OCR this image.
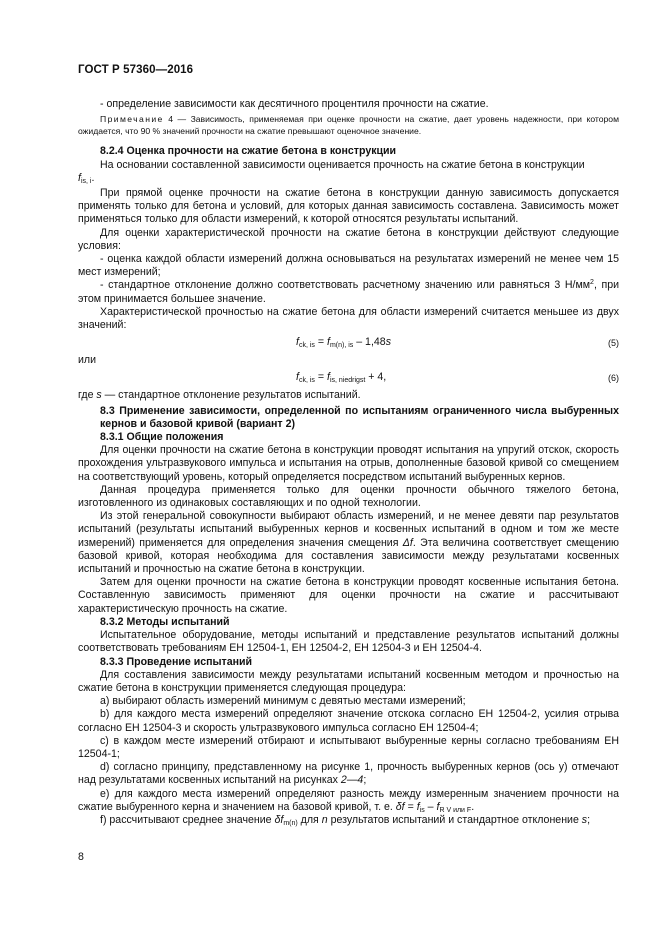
ГОСТ Р 57360—2016

- определение зависимости как десятичного процентиля прочности на сжатие.

Примечание 4 — Зависимость, применяемая при оценке прочности на сжатие, дает уровень надежности, при котором ожидается, что 90 % значений прочности на сжатие превышают оценочное значение.

8.2.4 Оценка прочности на сжатие бетона в конструкции

На основании составленной зависимости оценивается прочность на сжатие бетона в конструкции

$f_{is, i}$.

При прямой оценке прочности на сжатие бетона в конструкции данную зависимость допускается применять только для бетона и условий, для которых данная зависимость составлена. Зависимость может применяться только для области измерений, к которой относятся результаты испытаний.

Для оценки характеристической прочности на сжатие бетона в конструкции действуют следующие условия:

- оценка каждой области измерений должна основываться на результатах измерений не менее чем 15 мест измерений;

- стандартное отклонение должно соответствовать расчетному значению или равняться 3 $Н/мм^2$, при этом принимается большее значение.

Характеристической прочностью на сжатие бетона для области измерений считается меньшее из двух значений:

$f_{ck, is} = f_{m(n), is} - 1,48s$	(5)

или

$f_{ck, is} = f_{is, niedrigst} + 4$,	(6)

где s — стандартное отклонение результатов испытаний.

8.3 Применение зависимости, определенной по испытаниям ограниченного числа выбуренных кернов и базовой кривой (вариант 2)

8.3.1 Общие положения

Для оценки прочности на сжатие бетона в конструкции проводят испытания на упругий отскок, скорость прохождения ультразвукового импульса и испытания на отрыв, дополненные базовой кривой со смещением на соответствующий уровень, который определяется посредством испытаний выбуренных кернов.

Данная процедура применяется только для оценки прочности обычного тяжелого бетона, изготовленного из одинаковых составляющих и по одной технологии.

Из этой генеральной совокупности выбирают область измерений, и не менее девяти пар результатов испытаний (результаты испытаний выбуренных кернов и косвенных испытаний в одном и том же месте измерений) применяется для определения значения смещения Δf. Эта величина соответствует смещению базовой кривой, которая необходима для составления зависимости между результатами косвенных испытаний и прочностью на сжатие бетона в конструкции.

Затем для оценки прочности на сжатие бетона в конструкции проводят косвенные испытания бетона. Составленную зависимость применяют для оценки прочности на сжатие и рассчитывают характеристическую прочность на сжатие.

8.3.2 Методы испытаний

Испытательное оборудование, методы испытаний и представление результатов испытаний должны соответствовать требованиям ЕН 12504-1, ЕН 12504-2, ЕН 12504-3 и ЕН 12504-4.

8.3.3 Проведение испытаний

Для составления зависимости между результатами испытаний косвенным методом и прочностью на сжатие бетона в конструкции применяется следующая процедура:

a) выбирают область измерений минимум с девятью местами измерений;

b) для каждого места измерений определяют значение отскока согласно ЕН 12504-2, усилия отрыва согласно ЕН 12504-3 и скорость ультразвукового импульса согласно ЕН 12504-4;

c) в каждом месте измерений отбирают и испытывают выбуренные керны согласно требованиям ЕН 12504-1;

d) согласно принципу, представленному на рисунке 1, прочность выбуренных кернов (ось y) отмечают над результатами косвенных испытаний на рисунках 2—4;

e) для каждого места измерений определяют разность между измеренным значением прочности на сжатие выбуренного керна и значением на базовой кривой, т. е. $\delta f = f_{is} - f_{R V или F}$.

f) рассчитывают среднее значение $\delta f_{m(n)}$ для n результатов испытаний и стандартное отклонение s;

8
